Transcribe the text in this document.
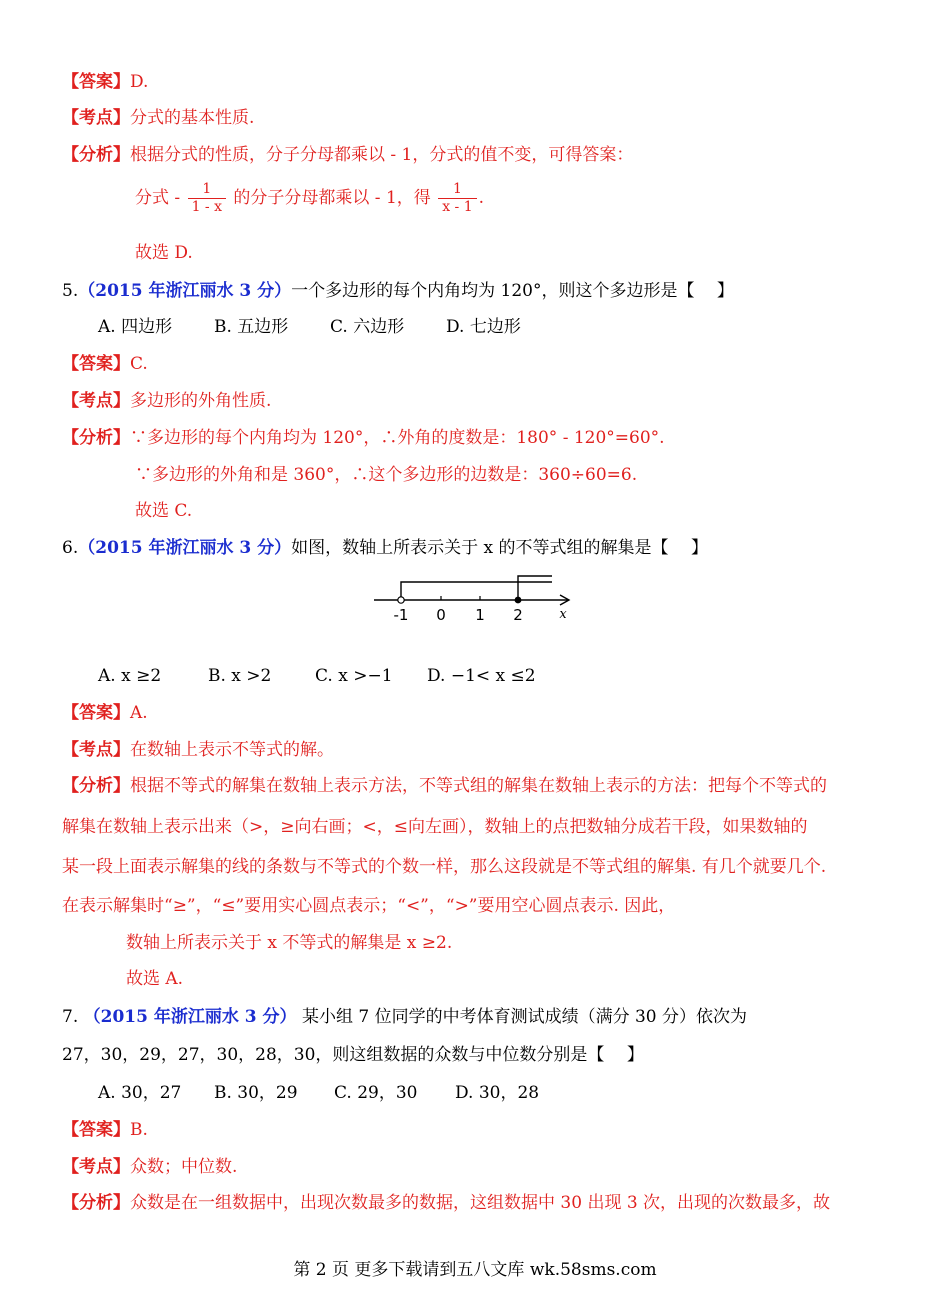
【答案】D.
【考点】分式的基本性质.
【分析】根据分式的性质，分子分母都乘以 ‑ 1，分式的值不变，可得答案：
分式 ‑ $\frac{1}{1 ‑ x}$ 的分子分母都乘以 ‑ 1，得 $\frac{1}{x ‑ 1}$ .
故选 D.
5.（2015 年浙江丽水 3 分）一个多边形的每个内角均为 120°，则这个多边形是【　 】
A. 四边形 B. 五边形 C. 六边形 D. 七边形
【答案】C.
【考点】多边形的外角性质.
【分析】∵多边形的每个内角均为 120°，∴外角的度数是：180° ‑ 120°=60°.
∵多边形的外角和是 360°，∴这个多边形的边数是：360÷60=6.
故选 C.
6.（2015 年浙江丽水 3 分）如图，数轴上所表示关于 x 的不等式组的解集是【　 】
-1 0 1 2	x
A. x ≥2	B. x >2	C. x >−1 D. −1< x ≤2
【答案】A.
【考点】在数轴上表示不等式的解。
【分析】根据不等式的解集在数轴上表示方法，不等式组的解集在数轴上表示的方法：把每个不等式的
解集在数轴上表示出来（>，≥向右画；<，≤向左画），数轴上的点把数轴分成若干段，如果数轴的
某一段上面表示解集的线的条数与不等式的个数一样，那么这段就是不等式组的解集. 有几个就要几个.
在表示解集时“≥”，“≤”要用实心圆点表示；“<”，“>”要用空心圆点表示. 因此，
数轴上所表示关于 x 不等式的解集是 x ≥2.
故选 A.
7. （2015 年浙江丽水 3 分） 某小组 7 位同学的中考体育测试成绩（满分 30 分）依次为
27，30，29，27，30，28，30，则这组数据的众数与中位数分别是【　 】
A. 30，27 B. 30，29 C. 29，30 D. 30，28
【答案】B.
【考点】众数；中位数.
【分析】众数是在一组数据中，出现次数最多的数据，这组数据中 30 出现 3 次，出现的次数最多，故
第 2 页 更多下载请到五八文库 wk.58sms.com
